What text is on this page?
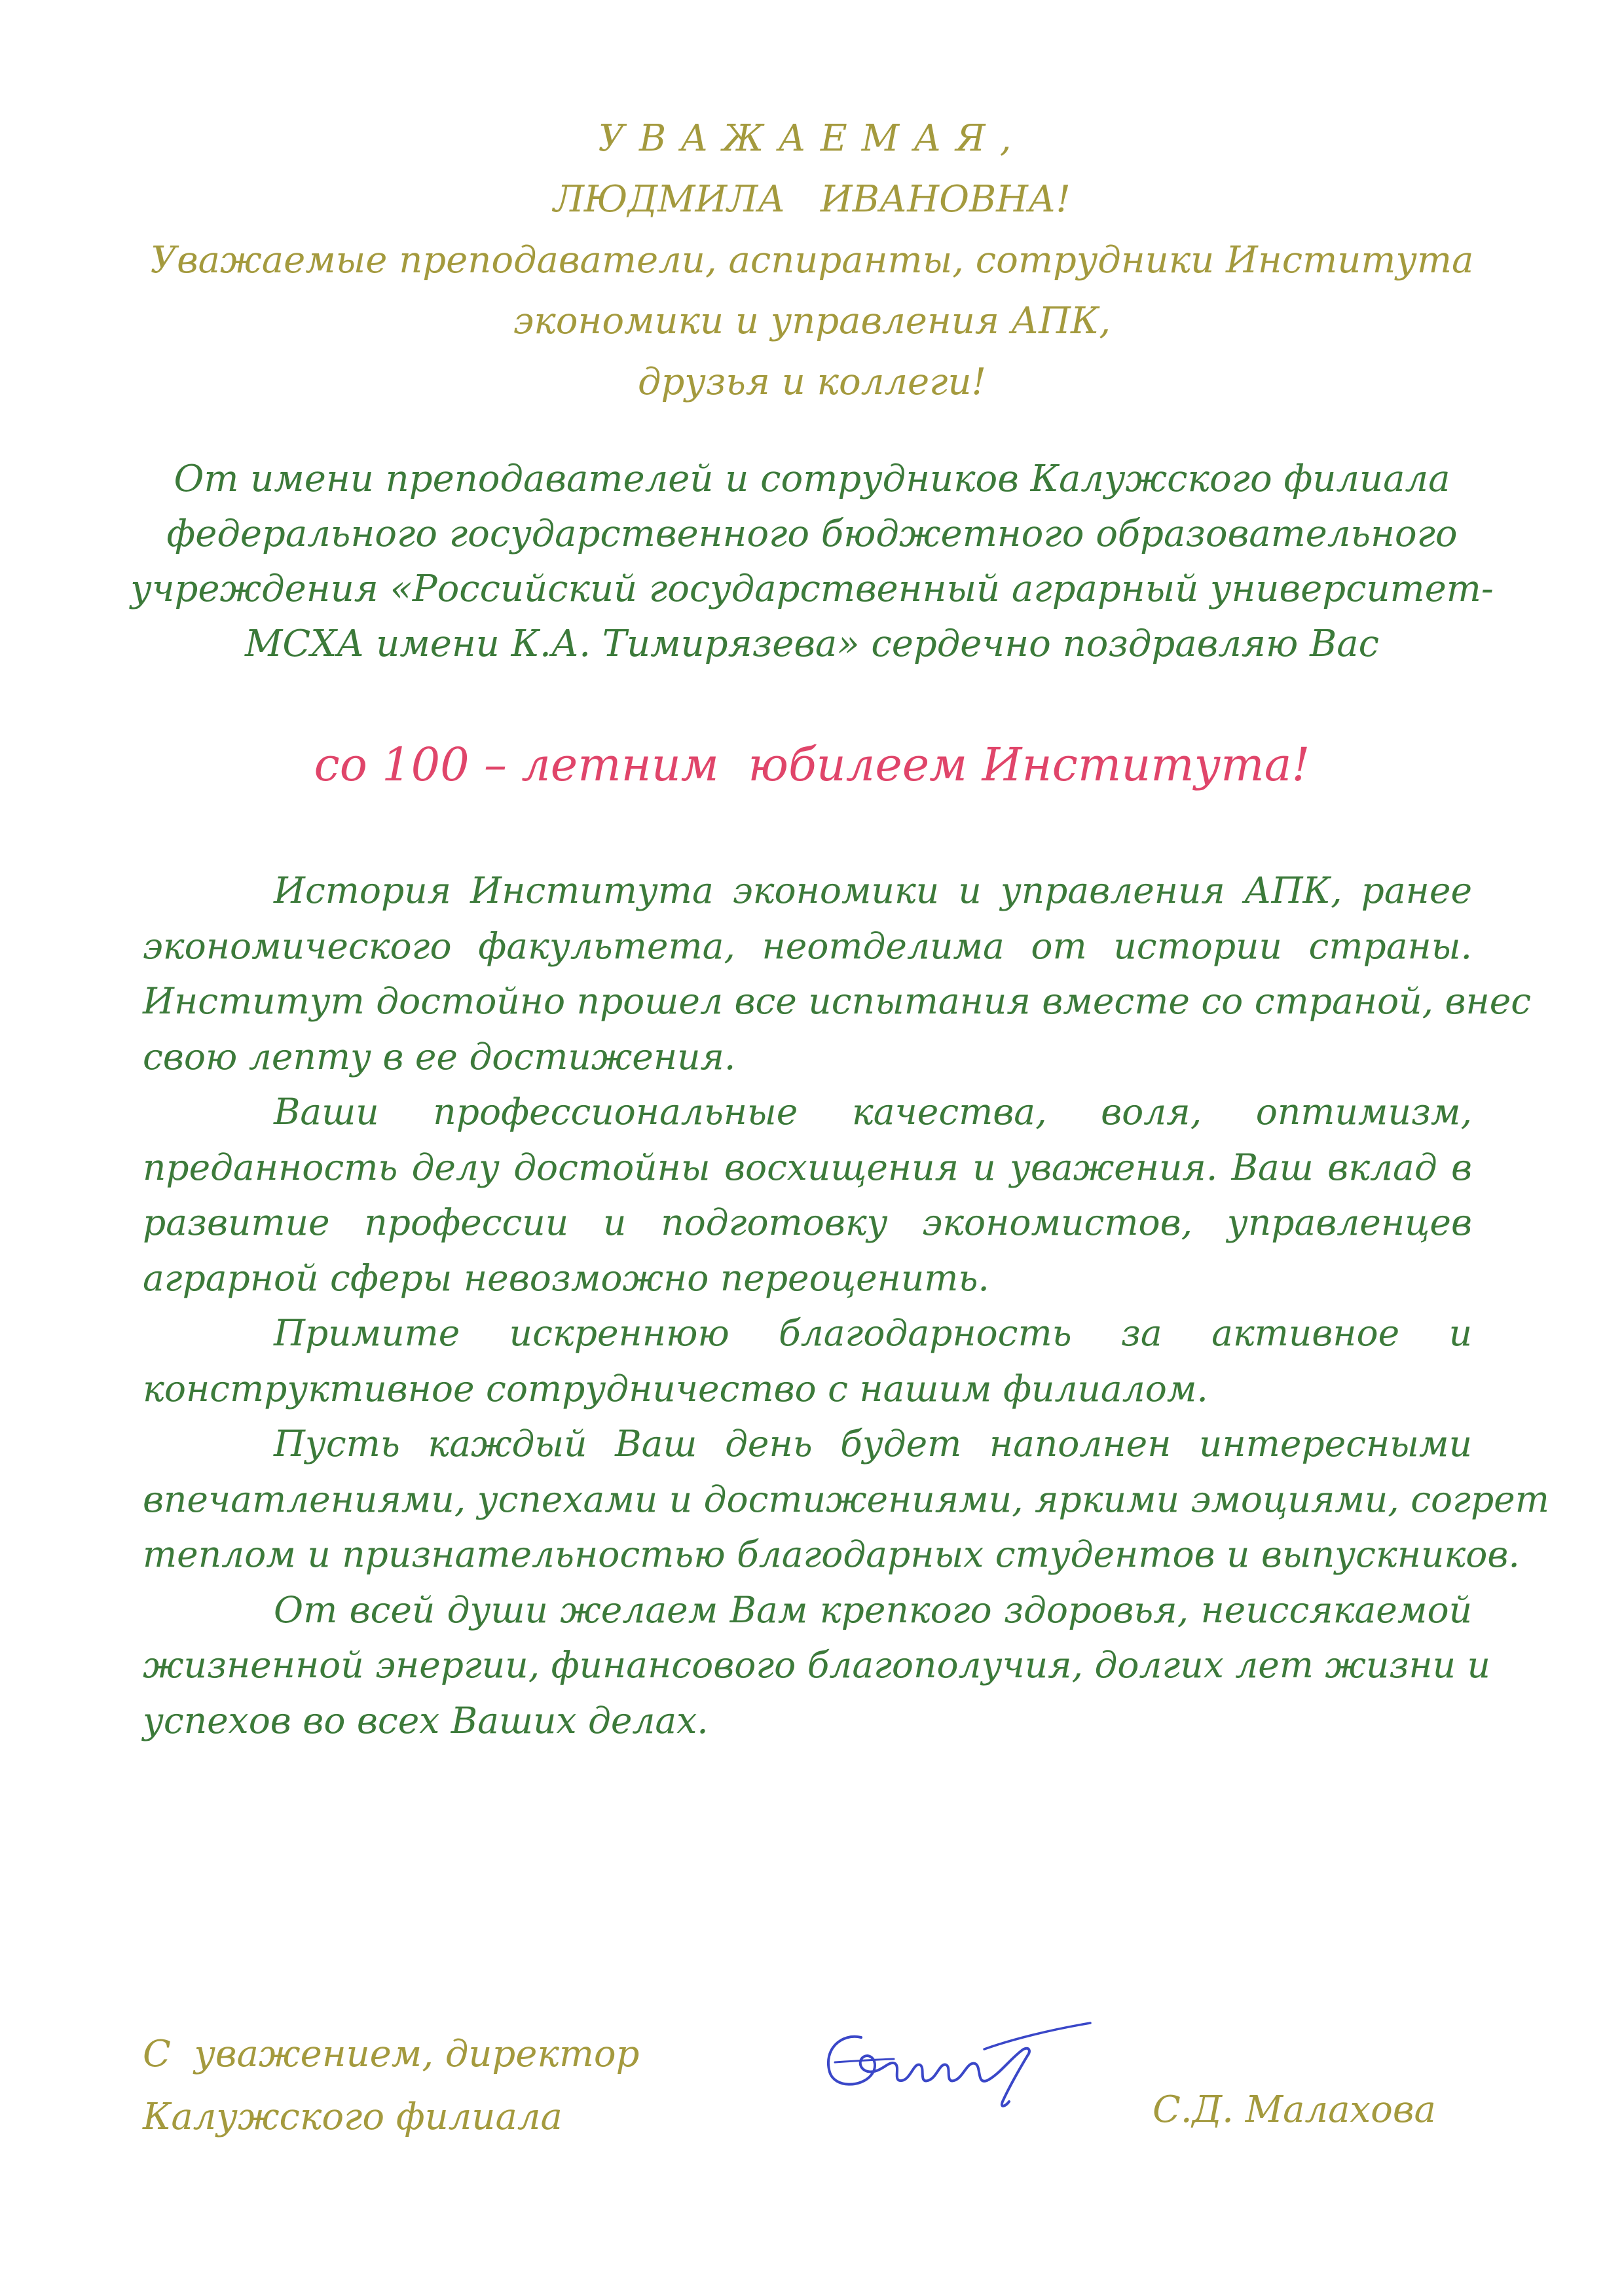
УВАЖАЕМАЯ,
ЛЮДМИЛА   ИВАНОВНА!
Уважаемые преподаватели, аспиранты, сотрудники Института
экономики и управления АПК,
друзья и коллеги!
От имени преподавателей и сотрудников Калужского филиала
федерального государственного бюджетного образовательного
учреждения «Российский государственный аграрный университет-
МСХА имени К.А. Тимирязева» сердечно поздравляю Вас
со 100 – летним  юбилеем Института!
История Института экономики и управления АПК, ранее
экономического факультета, неотделима от истории страны.
Институт достойно прошел все испытания вместе со страной, внес
свою лепту в ее достижения.
Ваши профессиональные качества, воля, оптимизм,
преданность делу достойны восхищения и уважения. Ваш вклад в
развитие профессии и подготовку экономистов, управленцев
аграрной сферы невозможно переоценить.
Примите искреннюю благодарность за активное и
конструктивное сотрудничество с нашим филиалом.
Пусть каждый Ваш день будет наполнен интересными
впечатлениями, успехами и достижениями, яркими эмоциями, согрет
теплом и признательностью благодарных студентов и выпускников.
От всей души желаем Вам крепкого здоровья, неиссякаемой
жизненной энергии, финансового благополучия, долгих лет жизни и
успехов во всех Ваших делах.
С  уважением, директор
Калужского филиала	С.Д. Малахова
